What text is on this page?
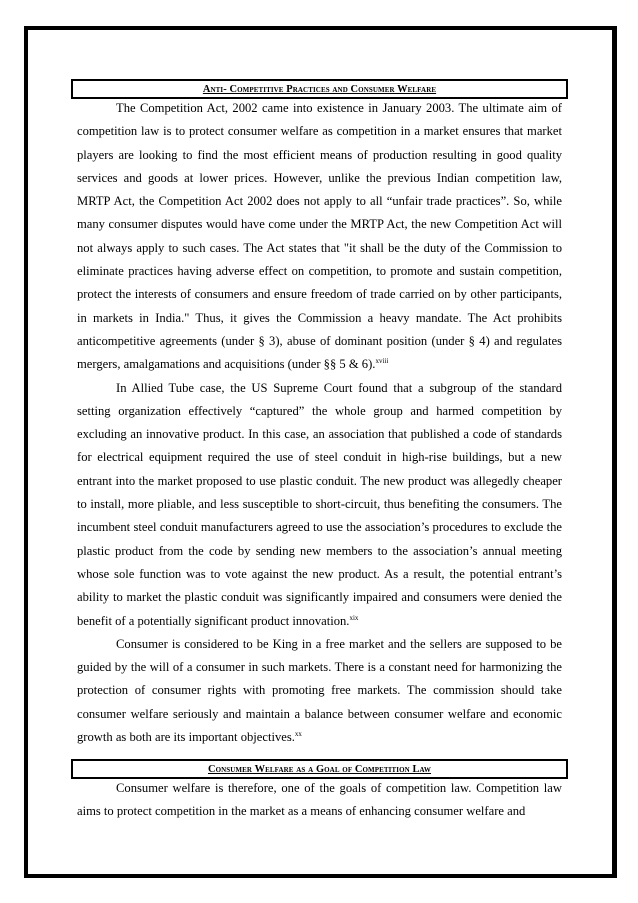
Anti- Competitive Practices and Consumer Welfare

The Competition Act, 2002 came into existence in January 2003. The ultimate aim of competition law is to protect consumer welfare as competition in a market ensures that market players are looking to find the most efficient means of production resulting in good quality services and goods at lower prices. However, unlike the previous Indian competition law, MRTP Act, the Competition Act 2002 does not apply to all “unfair trade practices”. So, while many consumer disputes would have come under the MRTP Act, the new Competition Act will not always apply to such cases. The Act states that "it shall be the duty of the Commission to eliminate practices having adverse effect on competition, to promote and sustain competition, protect the interests of consumers and ensure freedom of trade carried on by other participants, in markets in India." Thus, it gives the Commission a heavy mandate. The Act prohibits anticompetitive agreements (under § 3), abuse of dominant position (under § 4) and regulates mergers, amalgamations and acquisitions (under §§ 5 & 6).$^{xviii}$

In Allied Tube case, the US Supreme Court found that a subgroup of the standard setting organization effectively “captured” the whole group and harmed competition by excluding an innovative product. In this case, an association that published a code of standards for electrical equipment required the use of steel conduit in high-rise buildings, but a new entrant into the market proposed to use plastic conduit. The new product was allegedly cheaper to install, more pliable, and less susceptible to short-circuit, thus benefiting the consumers. The incumbent steel conduit manufacturers agreed to use the association’s procedures to exclude the plastic product from the code by sending new members to the association’s annual meeting whose sole function was to vote against the new product. As a result, the potential entrant’s ability to market the plastic conduit was significantly impaired and consumers were denied the benefit of a potentially significant product innovation.$^{xix}$

Consumer is considered to be King in a free market and the sellers are supposed to be guided by the will of a consumer in such markets. There is a constant need for harmonizing the protection of consumer rights with promoting free markets. The commission should take consumer welfare seriously and maintain a balance between consumer welfare and economic growth as both are its important objectives.$^{xx}$

Consumer Welfare as a Goal of Competition Law

Consumer welfare is therefore, one of the goals of competition law. Competition law aims to protect competition in the market as a means of enhancing consumer welfare and
